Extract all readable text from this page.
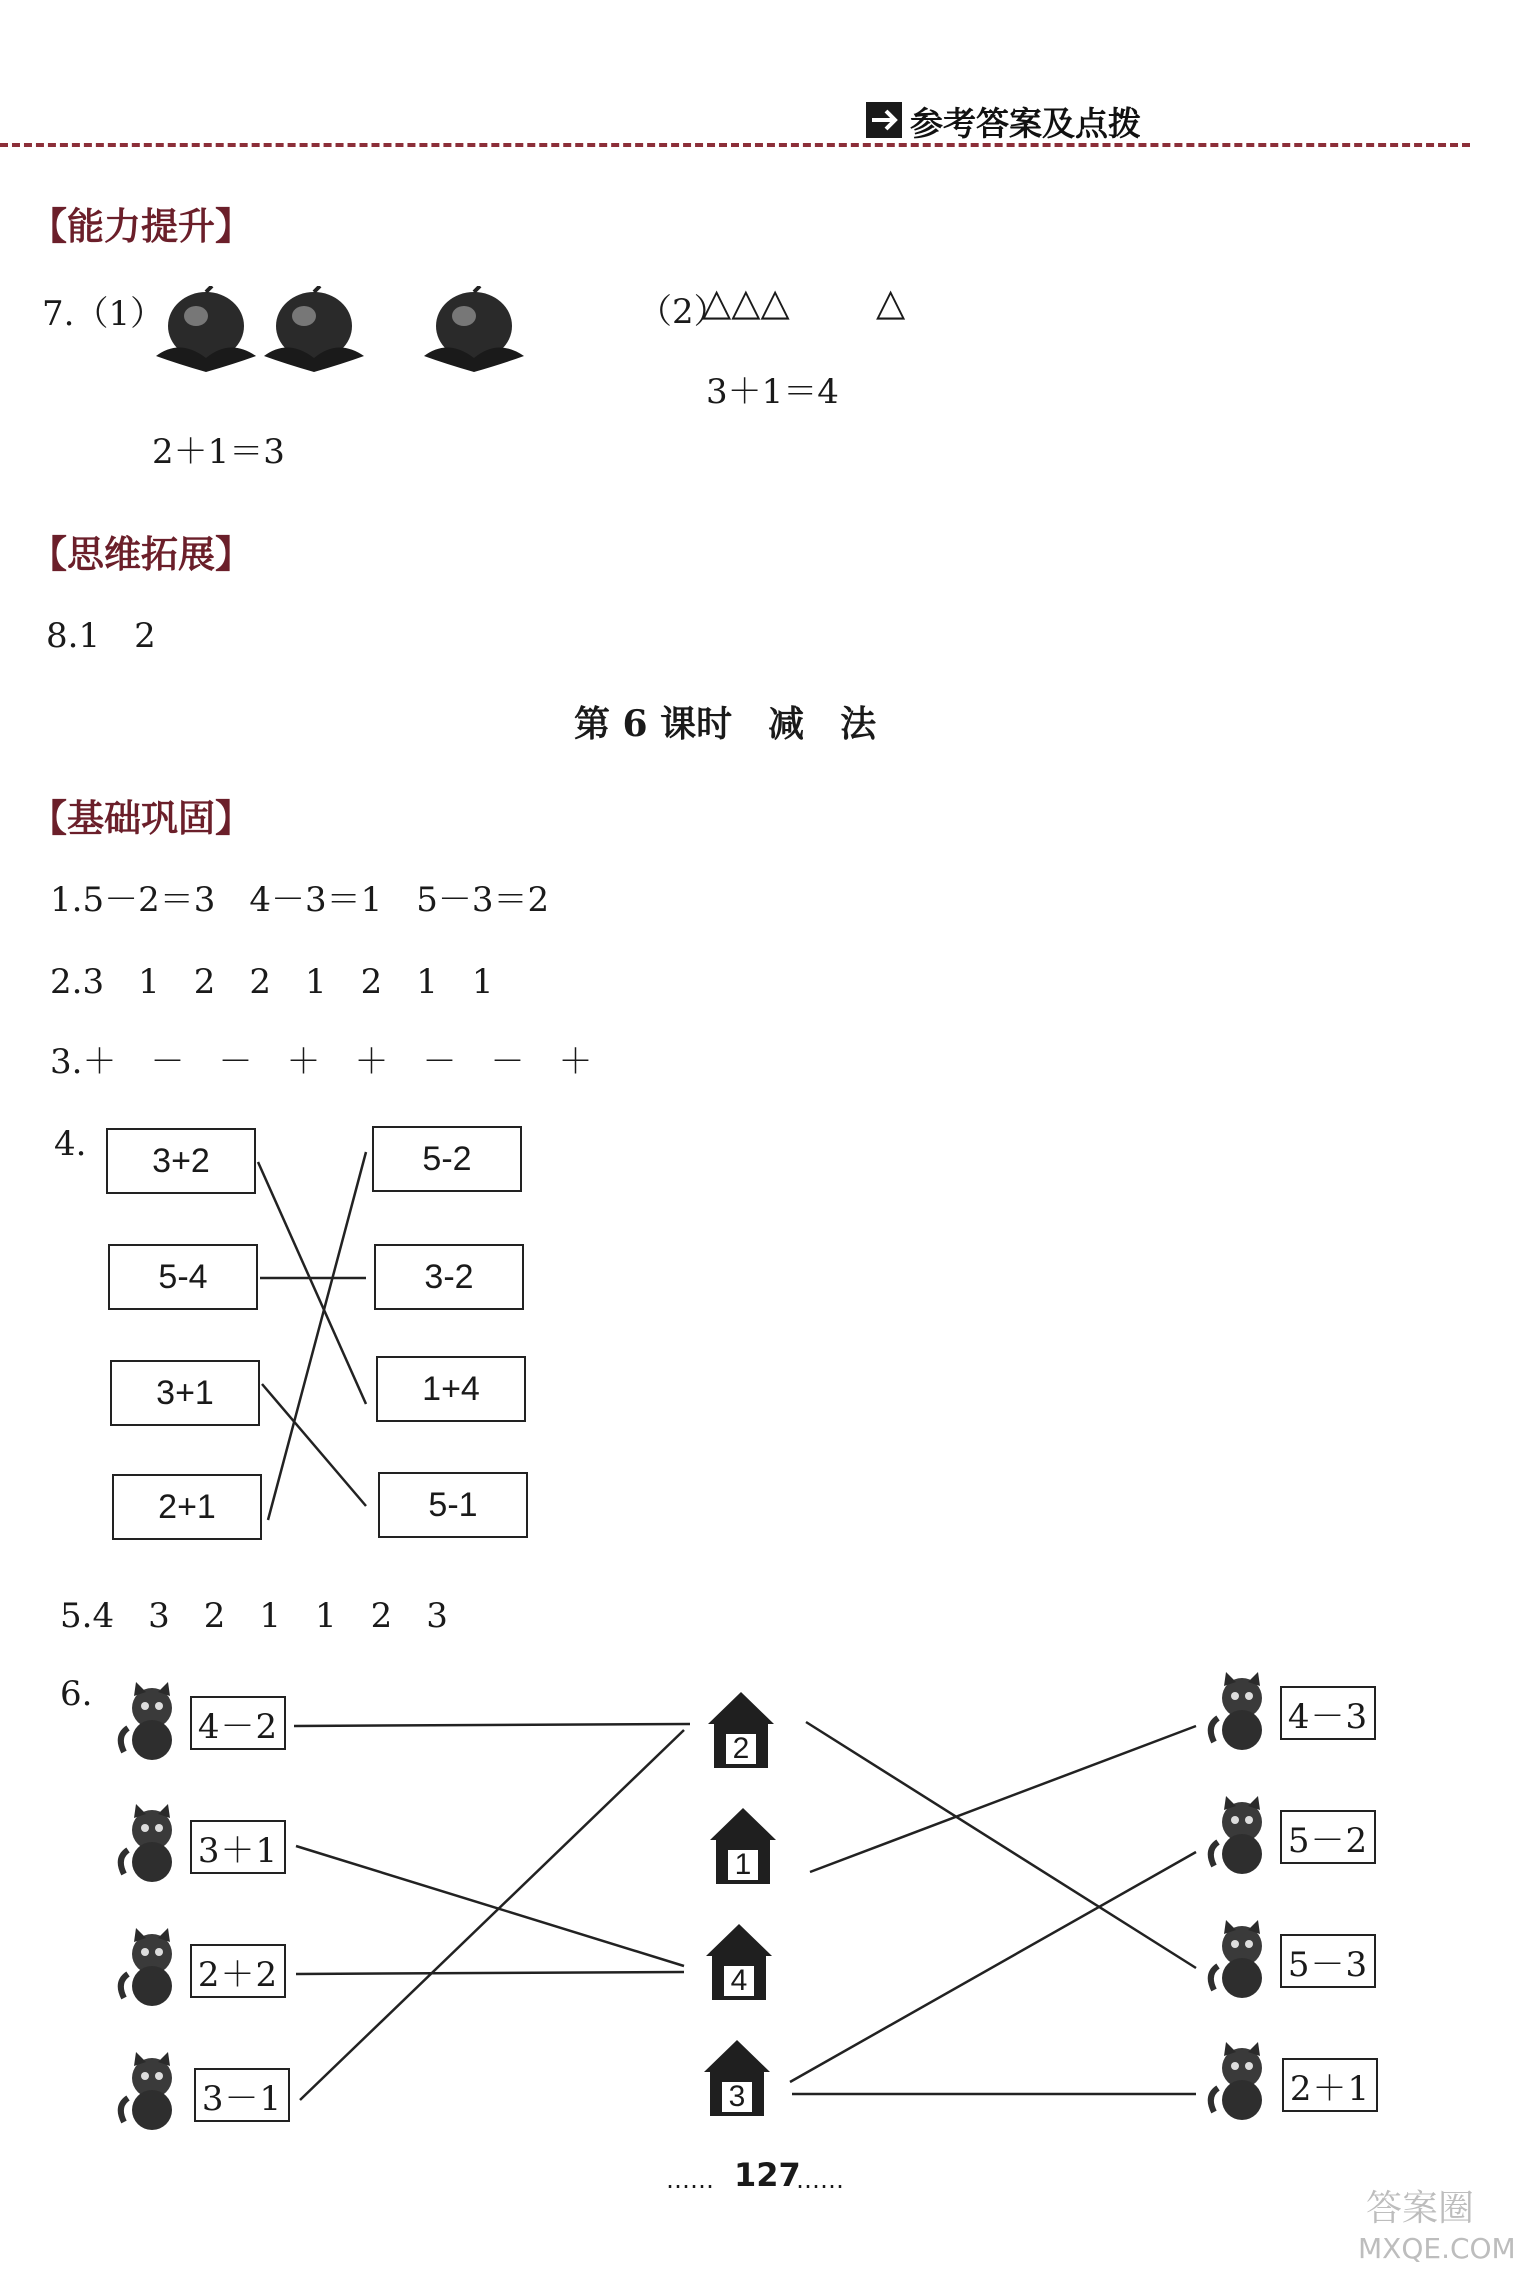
参考答案及点拨
【能力提升】
7.（1）
2＋1＝3
（2）
△△△ △
3＋1＝4
【思维拓展】
8.1　2
第 6 课时　减　法
【基础巩固】
1.5－2＝3　4－3＝1　5－3＝2
2.3　1　2　2　1　2　1　1
3.＋　－　－　＋　＋　－　－　＋
4.	3+2
5-4
3+1
2+1
5-2
3-2
1+4
5-1
5.4　3　2　1　1　2　3
6.
4－2
3＋1
2＋2
3－1
2
1
4
3
4－3
5－2
5－3
2＋1
…… 127
……
答案圈
MXQE.COM
